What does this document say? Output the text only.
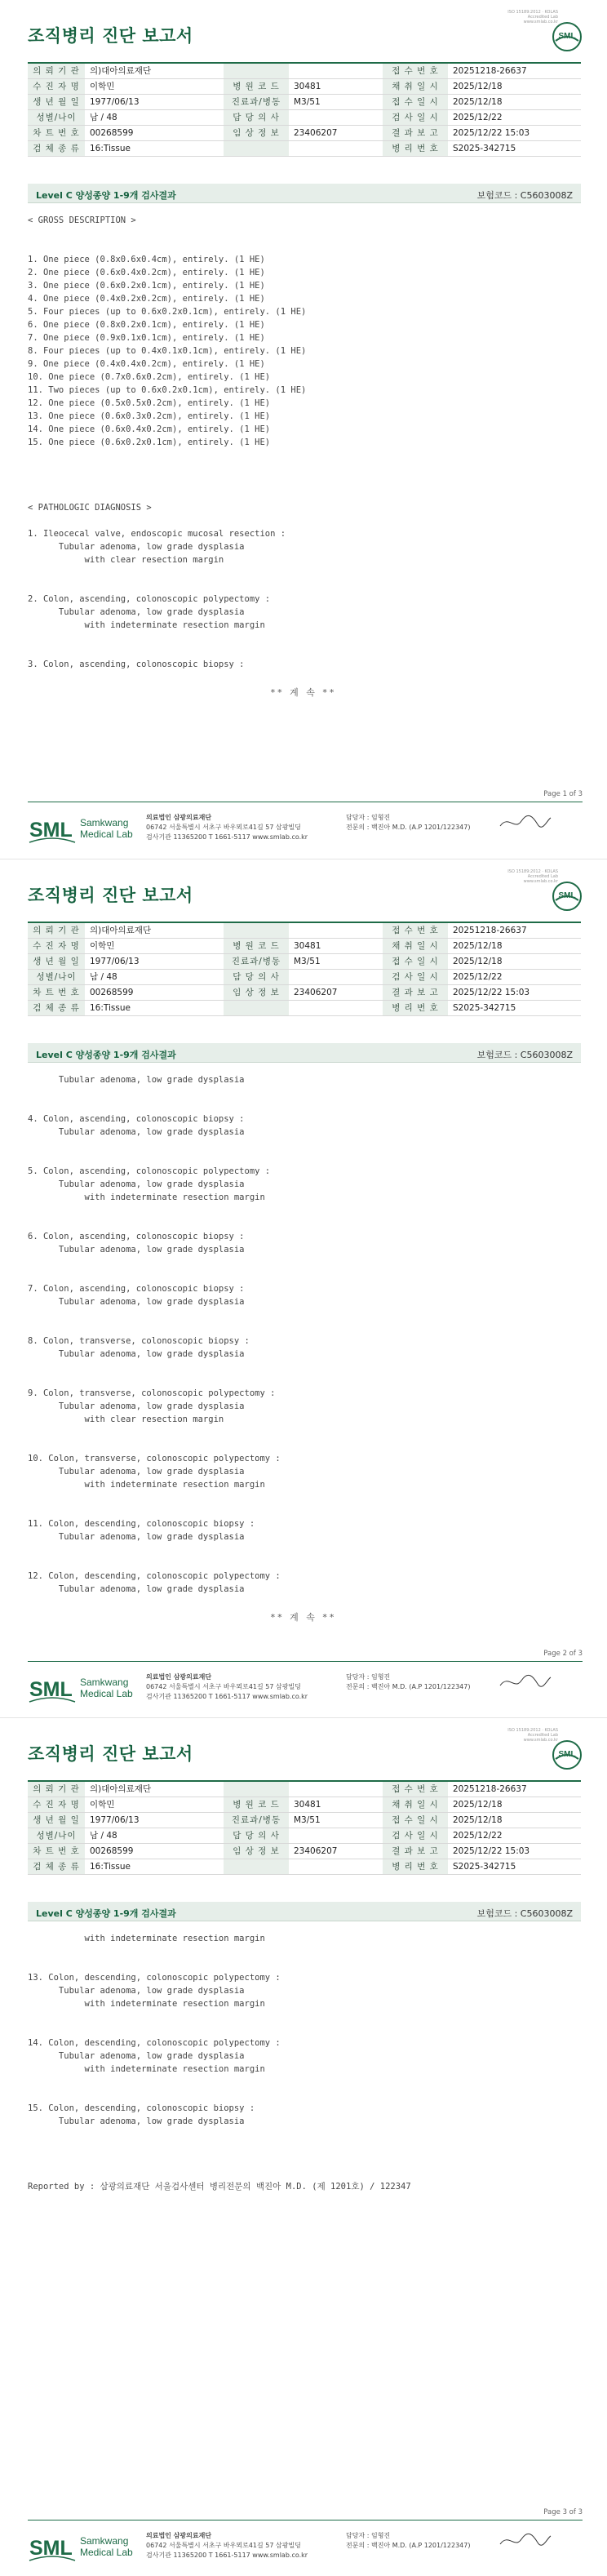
조직병리 진단 보고서
ISO 15189:2012 · KOLAS
Accredited Lab
www.smlab.co.kr
SML
의 뢰 기 관	의)대아의료재단			접 수 번 호	20251218-26637
수 진 자 명	이학민	병 원 코 드	30481	채 취 일 시	2025/12/18
생 년 월 일	1977/06/13	진료과/병동	M3/51	접 수 일 시	2025/12/18
성별/나이	남 / 48	담 당 의 사		검 사 일 시	2025/12/22
차 트 번 호	00268599	임 상 정 보	23406207	결 과 보 고	2025/12/22 15:03
검 체 종 류	16:Tissue			병 리 번 호	S2025-342715
Level C 양성종양 1-9개 검사결과	보험코드 : C5603008Z
< GROSS DESCRIPTION >
1. One piece (0.8x0.6x0.4cm), entirely. (1 HE)
2. One piece (0.6x0.4x0.2cm), entirely. (1 HE)
3. One piece (0.6x0.2x0.1cm), entirely. (1 HE)
4. One piece (0.4x0.2x0.2cm), entirely. (1 HE)
5. Four pieces (up to 0.6x0.2x0.1cm), entirely. (1 HE)
6. One piece (0.8x0.2x0.1cm), entirely. (1 HE)
7. One piece (0.9x0.1x0.1cm), entirely. (1 HE)
8. Four pieces (up to 0.4x0.1x0.1cm), entirely. (1 HE)
9. One piece (0.4x0.4x0.2cm), entirely. (1 HE)
10. One piece (0.7x0.6x0.2cm), entirely. (1 HE)
11. Two pieces (up to 0.6x0.2x0.1cm), entirely. (1 HE)
12. One piece (0.5x0.5x0.2cm), entirely. (1 HE)
13. One piece (0.6x0.3x0.2cm), entirely. (1 HE)
14. One piece (0.6x0.4x0.2cm), entirely. (1 HE)
15. One piece (0.6x0.2x0.1cm), entirely. (1 HE)
< PATHOLOGIC DIAGNOSIS >
1. Ileocecal valve, endoscopic mucosal resection :
Tubular adenoma, low grade dysplasia
with clear resection margin
2. Colon, ascending, colonoscopic polypectomy :
Tubular adenoma, low grade dysplasia
with indeterminate resection margin
3. Colon, ascending, colonoscopic biopsy :
** 계 속 **
Page 1 of 3
SML Samkwang
Medical Lab
의료법인 삼광의료재단
06742 서울특별시 서초구 바우뫼로41길 57 삼광빌딩
검사기관 11365200 T 1661-5117 www.smlab.co.kr
담당자 : 임형진
전문의 : 백진아 M.D. (A.P 1201/122347)
조직병리 진단 보고서
ISO 15189:2012 · KOLAS
Accredited Lab
www.smlab.co.kr
SML
의 뢰 기 관	의)대아의료재단			접 수 번 호	20251218-26637
수 진 자 명	이학민	병 원 코 드	30481	채 취 일 시	2025/12/18
생 년 월 일	1977/06/13	진료과/병동	M3/51	접 수 일 시	2025/12/18
성별/나이	남 / 48	담 당 의 사		검 사 일 시	2025/12/22
차 트 번 호	00268599	임 상 정 보	23406207	결 과 보 고	2025/12/22 15:03
검 체 종 류	16:Tissue			병 리 번 호	S2025-342715
Level C 양성종양 1-9개 검사결과	보험코드 : C5603008Z
Tubular adenoma, low grade dysplasia
4. Colon, ascending, colonoscopic biopsy :
Tubular adenoma, low grade dysplasia
5. Colon, ascending, colonoscopic polypectomy :
Tubular adenoma, low grade dysplasia
with indeterminate resection margin
6. Colon, ascending, colonoscopic biopsy :
Tubular adenoma, low grade dysplasia
7. Colon, ascending, colonoscopic biopsy :
Tubular adenoma, low grade dysplasia
8. Colon, transverse, colonoscopic biopsy :
Tubular adenoma, low grade dysplasia
9. Colon, transverse, colonoscopic polypectomy :
Tubular adenoma, low grade dysplasia
with clear resection margin
10. Colon, transverse, colonoscopic polypectomy :
Tubular adenoma, low grade dysplasia
with indeterminate resection margin
11. Colon, descending, colonoscopic biopsy :
Tubular adenoma, low grade dysplasia
12. Colon, descending, colonoscopic polypectomy :
Tubular adenoma, low grade dysplasia
** 계 속 **
Page 2 of 3
SML Samkwang
Medical Lab
의료법인 삼광의료재단
06742 서울특별시 서초구 바우뫼로41길 57 삼광빌딩
검사기관 11365200 T 1661-5117 www.smlab.co.kr
담당자 : 임형진
전문의 : 백진아 M.D. (A.P 1201/122347)
조직병리 진단 보고서
ISO 15189:2012 · KOLAS
Accredited Lab
www.smlab.co.kr
SML
의 뢰 기 관	의)대아의료재단			접 수 번 호	20251218-26637
수 진 자 명	이학민	병 원 코 드	30481	채 취 일 시	2025/12/18
생 년 월 일	1977/06/13	진료과/병동	M3/51	접 수 일 시	2025/12/18
성별/나이	남 / 48	담 당 의 사		검 사 일 시	2025/12/22
차 트 번 호	00268599	임 상 정 보	23406207	결 과 보 고	2025/12/22 15:03
검 체 종 류	16:Tissue			병 리 번 호	S2025-342715
Level C 양성종양 1-9개 검사결과	보험코드 : C5603008Z
with indeterminate resection margin
13. Colon, descending, colonoscopic polypectomy :
Tubular adenoma, low grade dysplasia
with indeterminate resection margin
14. Colon, descending, colonoscopic polypectomy :
Tubular adenoma, low grade dysplasia
with indeterminate resection margin
15. Colon, descending, colonoscopic biopsy :
Tubular adenoma, low grade dysplasia
Reported by : 삼광의료재단 서울검사센터 병리전문의 백진아 M.D. (제 1201호) / 122347
Page 3 of 3
SML Samkwang
Medical Lab
의료법인 삼광의료재단
06742 서울특별시 서초구 바우뫼로41길 57 삼광빌딩
검사기관 11365200 T 1661-5117 www.smlab.co.kr
담당자 : 임형진
전문의 : 백진아 M.D. (A.P 1201/122347)
